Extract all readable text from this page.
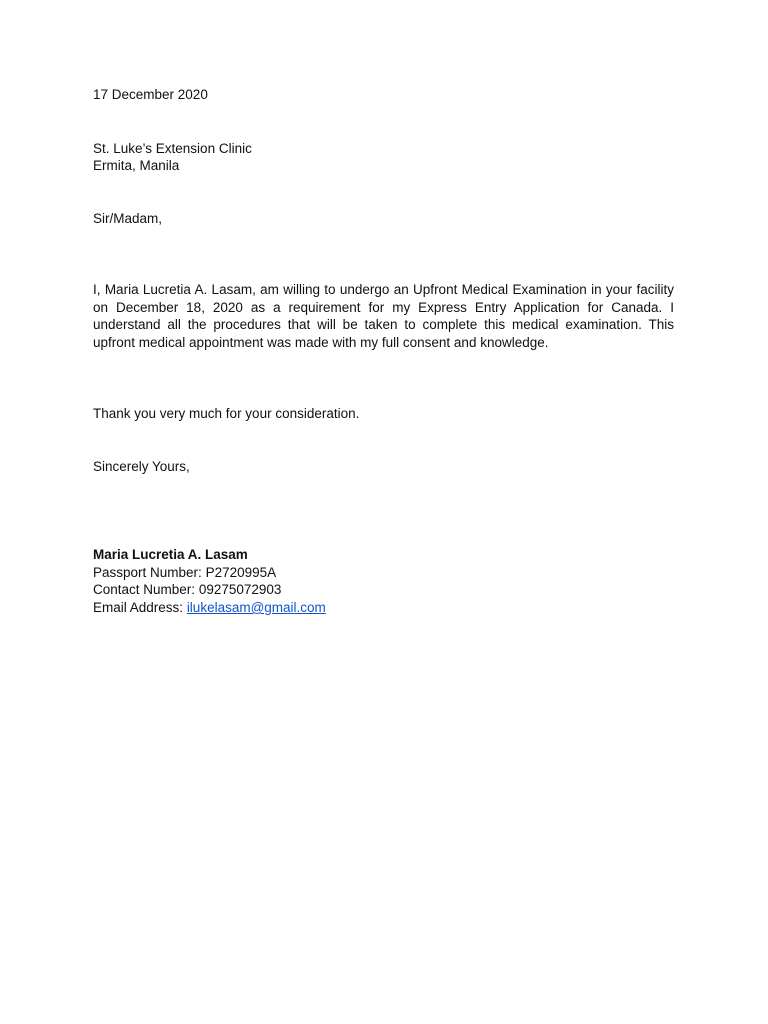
17 December 2020
St. Luke’s Extension Clinic
Ermita, Manila
Sir/Madam,
I, Maria Lucretia A. Lasam, am willing to undergo an Upfront Medical Examination in your facility on December 18, 2020 as a requirement for my Express Entry Application for Canada. I understand all the procedures that will be taken to complete this medical examination. This upfront medical appointment was made with my full consent and knowledge.
Thank you very much for your consideration.
Sincerely Yours,
Maria Lucretia A. Lasam
Passport Number: P2720995A
Contact Number: 09275072903
Email Address: ilukelasam@gmail.com
